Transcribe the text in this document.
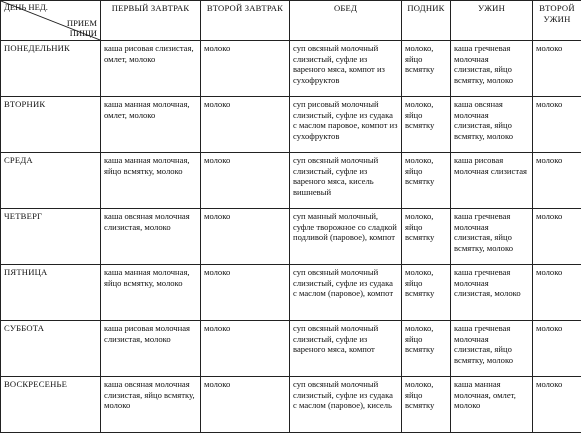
ДЕНЬ НЕД.
ПРИЕМ
ПИЩИ	ПЕРВЫЙ ЗАВТРАК	ВТОРОЙ ЗАВТРАК	ОБЕД	ПОДНИК	УЖИН	ВТОРОЙ УЖИН
ПОНЕДЕЛЬНИК	каша рисовая слизистая, омлет, молоко	молоко	суп овсяный молочный слизистый, суфле из вареного мяса, компот из сухофруктов	молоко, яйцо всмятку	каша гречневая молочная слизистая, яйцо всмятку, молоко	молоко
ВТОРНИК	каша манная молочная, омлет, молоко	молоко	суп рисовый молочный слизистый, суфле из судака с маслом паровое, компот из сухофруктов	молоко, яйцо всмятку	каша овсяная молочная слизистая, яйцо всмятку, молоко	молоко
СРЕДА	каша манная молочная, яйцо всмятку, молоко	молоко	суп овсяный молочный слизистый, суфле из вареного мяса, кисель вишневый	молоко, яйцо всмятку	каша рисовая молочная слизистая	молоко
ЧЕТВЕРГ	каша овсяная молочная слизистая, молоко	молоко	суп манный молочный, суфле творожное со сладкой подливой (паровое), компот	молоко, яйцо всмятку	каша гречневая молочная слизистая, яйцо всмятку, молоко	молоко
ПЯТНИЦА	каша манная молочная, яйцо всмятку, молоко	молоко	суп овсяный молочный слизистый, суфле из судака с маслом (паровое), компот	молоко, яйцо всмятку	каша гречневая молочная слизистая, молоко	молоко
СУББОТА	каша рисовая молочная слизистая, молоко	молоко	суп овсяный молочный слизистый, суфле из вареного мяса, компот	молоко, яйцо всмятку	каша гречневая молочная слизистая, яйцо всмятку, молоко	молоко
ВОСКРЕСЕНЬЕ	каша овсяная молочная слизистая, яйцо всмятку, молоко	молоко	суп овсяный молочный слизистый, суфле из судака с маслом (паровое), кисель	молоко, яйцо всмятку	каша манная молочная, омлет, молоко	молоко
